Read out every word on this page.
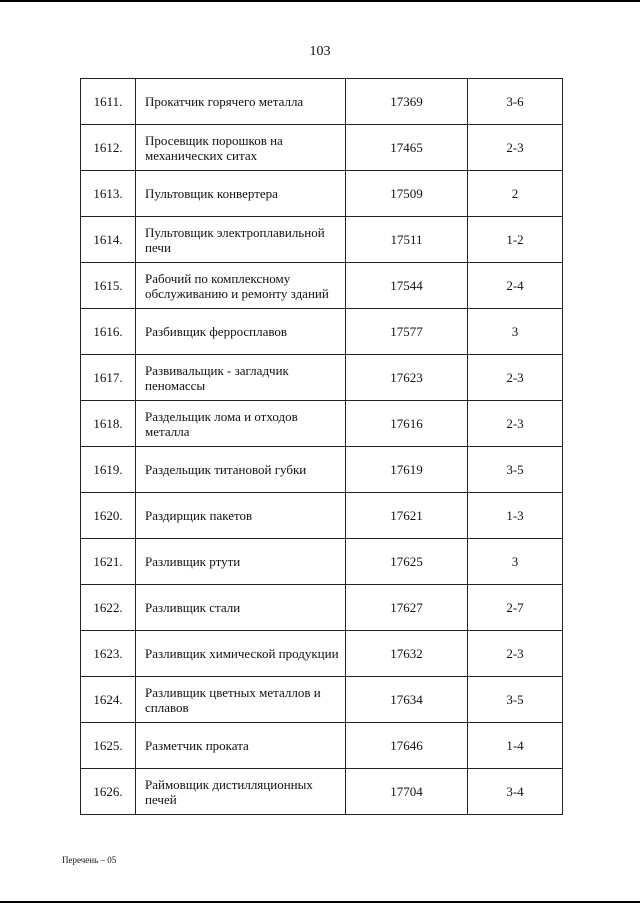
103
1611.	Прокатчик горячего металла	17369	3-6
1612.	Просевщик порошков на механических ситах	17465	2-3
1613.	Пультовщик конвертера	17509	2
1614.	Пультовщик электроплавильной печи	17511	1-2
1615.	Рабочий по комплексному обслуживанию и ремонту зданий	17544	2-4
1616.	Разбивщик ферросплавов	17577	3
1617.	Развивальщик - загладчик пеномассы	17623	2-3
1618.	Раздельщик лома и отходов металла	17616	2-3
1619.	Раздельщик титановой губки	17619	3-5
1620.	Раздирщик пакетов	17621	1-3
1621.	Разливщик ртути	17625	3
1622.	Разливщик стали	17627	2-7
1623.	Разливщик химической продукции	17632	2-3
1624.	Разливщик цветных металлов и сплавов	17634	3-5
1625.	Разметчик проката	17646	1-4
1626.	Раймовщик дистилляционных печей	17704	3-4
Перечень – 05
